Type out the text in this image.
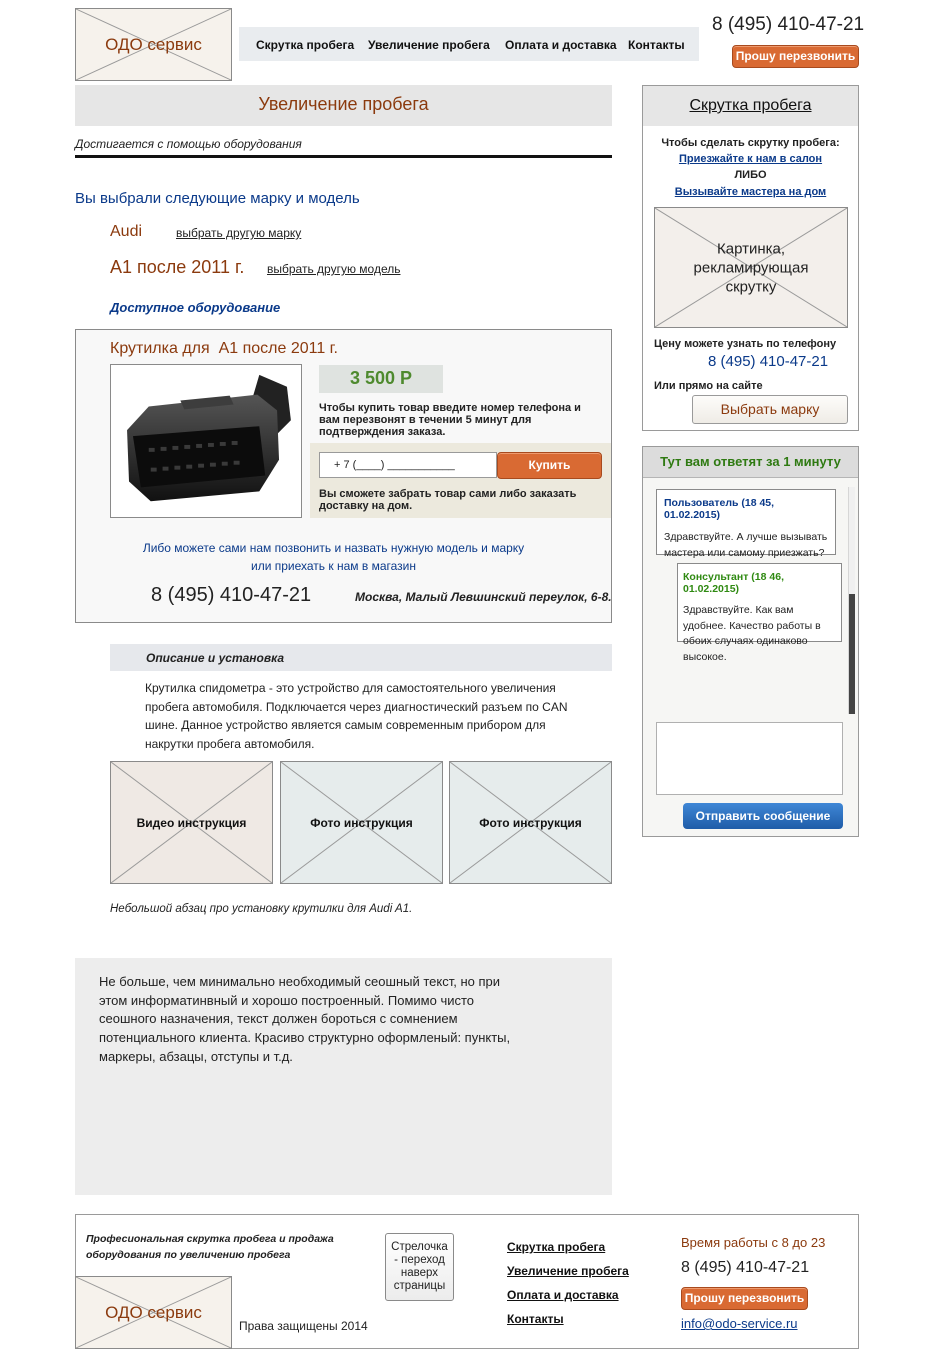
ОДО сервис	Скрутка пробега Увеличение пробега Оплата и доставка Контакты
8 (495) 410-47-21
Прошу перезвонить
Увеличение пробега
Достигается с помощью оборудования
Вы выбрали следующие марку и модель
Audi	выбрать другую марку
A1 после 2011 г. выбрать другую модель
Доступное оборудование
Крутилка для  A1 после 2011 г.
3 500 Р
Чтобы купить товар введите номер телефона и вам перезвонят в течении 5 минут для подтверждения заказа.
+ 7 (____) ___________	Купить
Вы сможете забрать товар сами либо заказать доставку на дом.
Либо можете сами нам позвонить и назвать нужную модель и марку
или приехать к нам в магазин
8 (495) 410-47-21	Москва, Малый Левшинский переулок, 6-8.
Описание и установка
Крутилка спидометра - это устройство для самостоятельного увеличения пробега автомобиля. Подключается через диагностический разъем по CAN шине. Данное устройство является самым современным прибором для накрутки пробега автомобиля.
Видео инструкция	Фото инструкция	Фото инструкция
Небольшой абзац про установку крутилки для Audi A1.
Не больше, чем минимально необходимый сеошный текст, но при этом информатинвный и хорошо построенный. Помимо чисто сеошного назначения, текст должен бороться с сомнением потенциального клиента. Красиво структурно оформленый: пункты, маркеры, абзацы, отступы и т.д.
Скрутка пробега
Чтобы сделать скрутку пробега:
Приезжайте к нам в салон
ЛИБО
Вызывайте мастера на дом
Картинка, рекламирующая скрутку
Цену можете узнать по телефону
8 (495) 410-47-21
Или прямо на сайте
Выбрать марку
Тут вам ответят за 1 минуту
Пользователь (18 45, 01.02.2015)
Здравствуйте. А лучше вызывать мастера или самому приезжать?
Консультант (18 46, 01.02.2015)
Здравствуйте. Как вам удобнее. Качество работы в обоих случаях одинаково высокое.
Отправить сообщение
Професиональная скрутка пробега и продажа оборудования по увеличению пробега
ОДО сервис
Права защищены 2014
Стрелочка - переход наверх страницы
Скрутка пробега
Увеличение пробега
Оплата и доставка
Контакты
Время работы с 8 до 23
8 (495) 410-47-21
Прошу перезвонить
info@odo-service.ru
